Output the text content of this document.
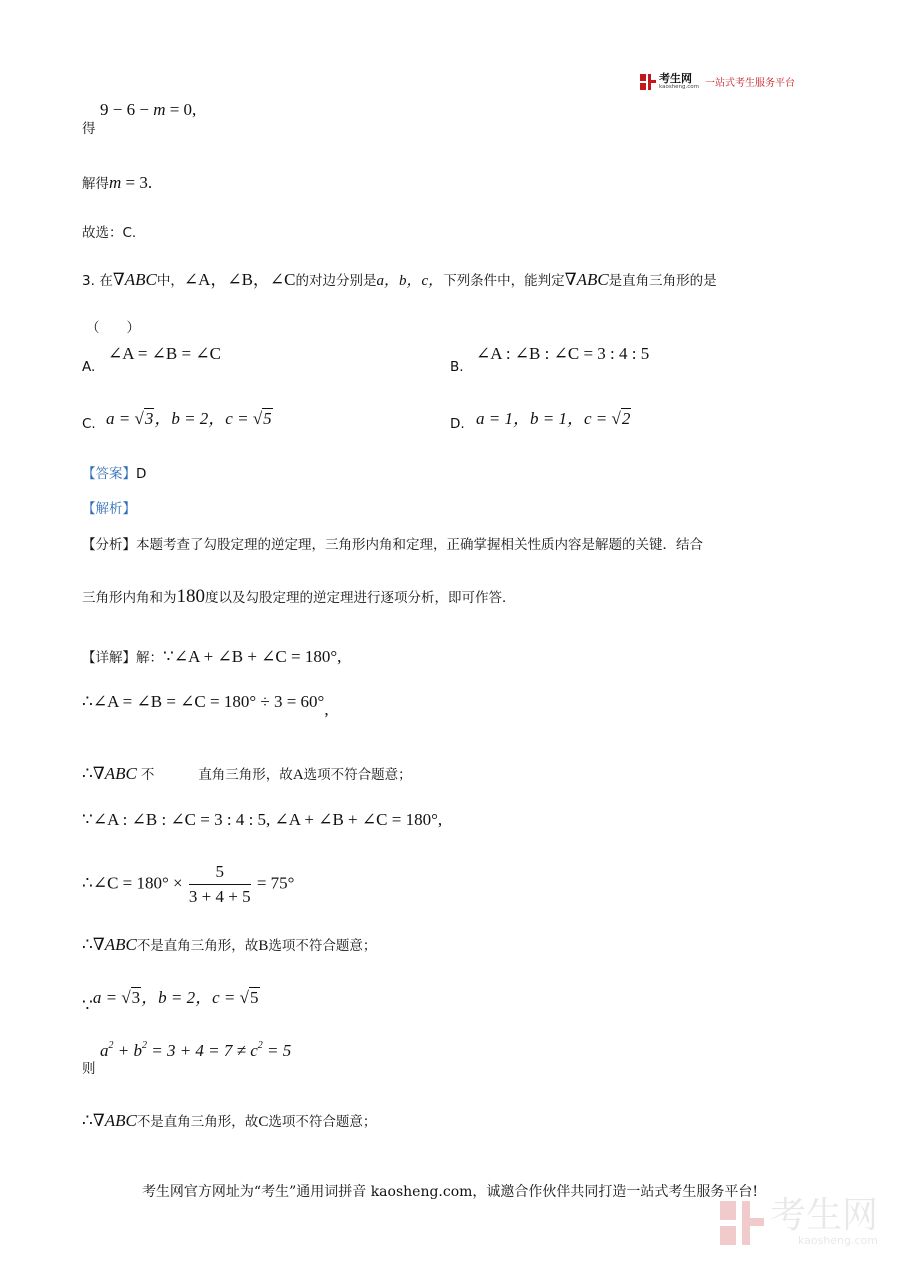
考生网
kaosheng.com 一站式考生服务平台
得
9 − 6 − m = 0,
解得m = 3.
故选：C.
3. 在∇ABC中，∠A，∠B，∠C的对边分别是a，b，c，下列条件中，能判定∇ABC是直角三角形的是
（　　）
A.
∠A = ∠B = ∠C
B.
∠A : ∠B : ∠C = 3 : 4 : 5
C. a = √3，b = 2，c = √5	D. a = 1，b = 1，c = √2
【答案】D
【解析】
【分析】本题考查了勾股定理的逆定理，三角形内角和定理，正确掌握相关性质内容是解题的关键．结合
三角形内角和为180度以及勾股定理的逆定理进行逐项分析，即可作答．
【详解】解：∵∠A + ∠B + ∠C = 180°,
∴∠A = ∠B = ∠C = 180° ÷ 3 = 60°,
∴∇ABC 不	直角三角形，故A选项不符合题意；
∵∠A : ∠B : ∠C = 3 : 4 : 5, ∠A + ∠B + ∠C = 180°,
∴∠C = $180^\circ \times \frac{5}{3 + 4 + 5} = 75^\circ$
∴∇ABC不是直角三角形，故B选项不符合题意；
∵a = √3，b = 2，c = √5
则
$a^2 + b^2 = 3 + 4 = 7 \ne c^2 = 5$
∴∇ABC不是直角三角形，故C选项不符合题意；
考生网官方网址为“考生”通用词拼音 kaosheng.com，诚邀合作伙伴共同打造一站式考生服务平台!
考生网
kaosheng.com
